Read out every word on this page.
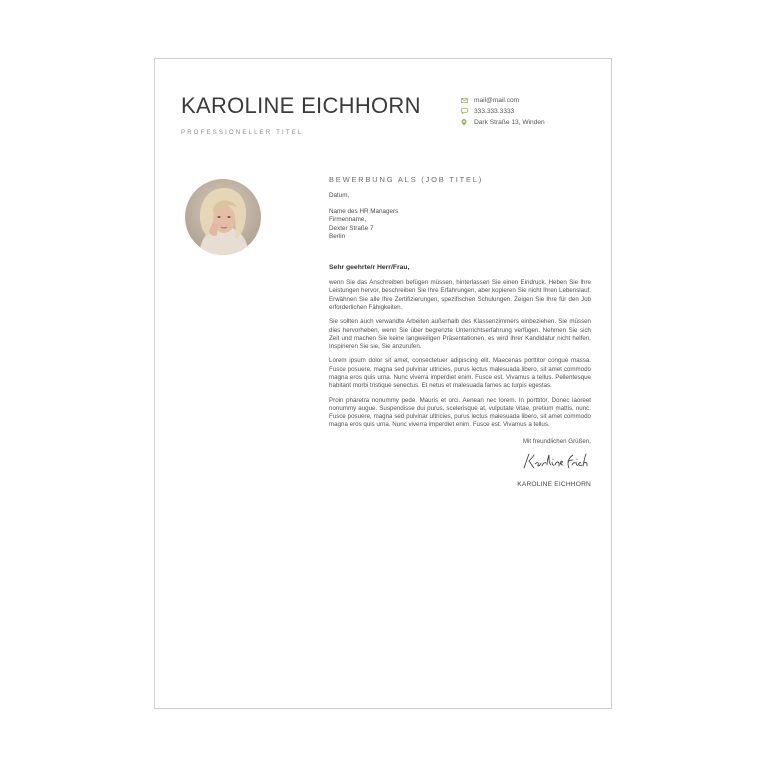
KAROLINE EICHHORN
PROFESSIONELLER TITEL
mail@mail.com
333.333.3333
Dark Straße 13, Winden
BEWERBUNG ALS (JOB TITEL)
Datum,
Name des HR Managers
Firmenname,
Dexter Straße 7
Berlin
Sehr geehrte/r Herr/Frau,

wenn Sie das Anschreiben befügen müssen, hinterlassen Sie einen Eindruck. Heben Sie Ihre Leistungen hervor, beschreiben Sie Ihre Erfahrungen, aber kopieren Sie nicht Ihren Lebenslauf. Erwähnen Sie alle Ihre Zertifizierungen, spezifischen Schulungen. Zeigen Sie Ihre für den Job erforderlichen Fähigkeiten.

Sie sollten auch verwandte Arbeiten außerhalb des Klassenzimmers einbeziehen. Sie müssen dies hervorheben, wenn Sie über begrenzte Unterrichtserfahrung verfügen. Nehmen Sie sich Zeit und machen Sie keine langweiligen Präsentationen, es wird Ihrer Kandidatur nicht helfen. Inspirieren Sie sie, Sie anzurufen.

Lorem ipsum dolor sit amet, consectetuer adipiscing elit. Maecenas porttitor congue massa. Fusce posuere, magna sed pulvinar ultricies, purus lectus malesuada libero, sit amet commodo magna eros quis urna. Nunc viverra imperdiet enim. Fusce est. Vivamus a tellus. Pellentesque habitant morbi tristique senectus. Et netus et malesuada fames ac turpis egestas.

Proin pharetra nonummy pede. Mauris et orci. Aenean nec lorem. In porttitor. Donec laoreet nonummy augue. Suspendisse dui purus, scelerisque at, vulputate vitae, pretium mattis, nunc. Fusce posuere, magna sed pulvinar ultricies, purus lectus malesuada libero, sit amet commodo magna eros quis urna. Nunc viverra imperdiet enim. Fusce est. Vivamus a tellus.

Mit freundlichen Grüßen,
KAROLINE EICHHORN
